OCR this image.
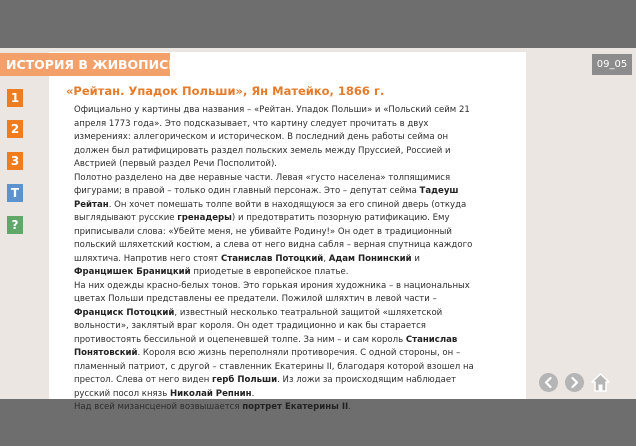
ИСТОРИЯ В ЖИВОПИСИ	09_05
1
2
3
T
?
«Рейтан. Упадок Польши», Ян Матейко, 1866 г.

Официально у картины два названия – «Рейтан. Упадок Польши» и «Польский сейм 21 апреля 1773 года». Это подсказывает, что картину следует прочитать в двух измерениях: аллегорическом и историческом. В последний день работы сейма он должен был ратифицировать раздел польских земель между Пруссией, Россией и Австрией (первый раздел Речи Посполитой).

Полотно разделено на две неравные части. Левая «густо населена» толпящимися фигурами; в правой – только один главный персонаж. Это – депутат сейма Тадеуш Рейтан. Он хочет помешать толпе войти в находящуюся за его спиной дверь (откуда выглядывают русские гренадеры) и предотвратить позорную ратификацию. Ему приписывали слова: «Убейте меня, не убивайте Родину!» Он одет в традиционный польский шляхетский костюм, а слева от него видна сабля – верная спутница каждого шляхтича. Напротив него стоят Станислав Потоцкий, Адам Понинский и Францишек Браницкий приодетые в европейское платье.

На них одежды красно-белых тонов. Это горькая ирония художника – в национальных цветах Польши представлены ее предатели. Пожилой шляхтич в левой части – Франциск Потоцкий, известный несколько театральной защитой «шляхетской вольности», заклятый враг короля. Он одет традиционно и как бы старается противостоять бессильной и оцепеневшей толпе. За ним – и сам король Станислав Понятовский. Короля всю жизнь переполняли противоречия. С одной стороны, он – пламенный патриот, с другой – ставленник Екатерины II, благодаря которой взошел на престол. Слева от него виден герб Польши. Из ложи за происходящим наблюдает русский посол князь Николай Репнин.

Над всей мизансценой возвышается портрет Екатерины II.
